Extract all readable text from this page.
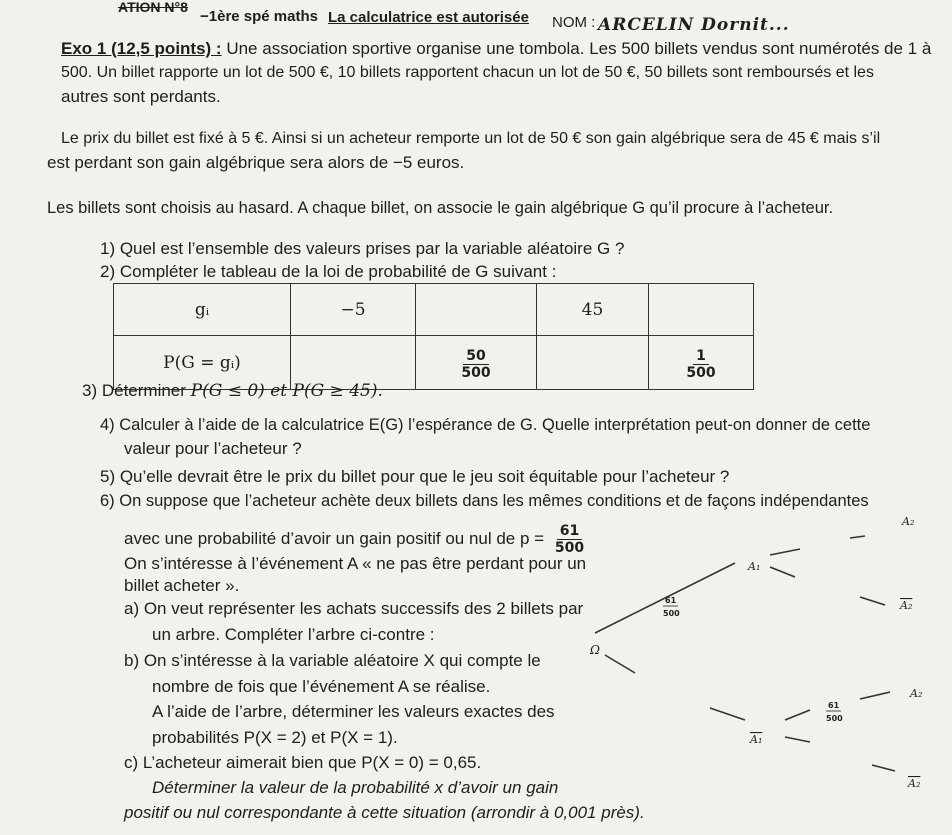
ATION N°8
−1ère spé maths La calculatrice est autorisée NOM : ARCELIN Dornit...
Exo 1 (12,5 points) : Une association sportive organise une tombola. Les 500 billets vendus sont numérotés de 1 à
500. Un billet rapporte un lot de 500 €, 10 billets rapportent chacun un lot de 50 €, 50 billets sont remboursés et les
autres sont perdants.
Le prix du billet est fixé à 5 €. Ainsi si un acheteur remporte un lot de 50 € son gain algébrique sera de 45 € mais s’il
est perdant son gain algébrique sera alors de −5 euros.
Les billets sont choisis au hasard. A chaque billet, on associe le gain algébrique G qu’il procure à l’acheteur.
1) Quel est l’ensemble des valeurs prises par la variable aléatoire G ?
2) Compléter le tableau de la loi de probabilité de G suivant :
gᵢ	−5		45	
P(G = gᵢ)		$\frac{50}{500}$		$\frac{1}{500}$
3) Déterminer P(G ≤ 0) et P(G ≥ 45).
4) Calculer à l’aide de la calculatrice E(G) l’espérance de G. Quelle interprétation peut-on donner de cette
valeur pour l’acheteur ?
5) Qu’elle devrait être le prix du billet pour que le jeu soit équitable pour l’acheteur ?
6) On suppose que l’acheteur achète deux billets dans les mêmes conditions et de façons indépendantes
avec une probabilité d’avoir un gain positif ou nul de $p = \frac{61}{500}$
On s’intéresse à l’événement A « ne pas être perdant pour un
billet acheter ».
a) On veut représenter les achats successifs des 2 billets par
un arbre. Compléter l’arbre ci-contre :
b) On s’intéresse à la variable aléatoire X qui compte le
nombre de fois que l’événement A se réalise.
A l’aide de l’arbre, déterminer les valeurs exactes des
probabilités P(X = 2) et P(X = 1).
c) L’acheteur aimerait bien que P(X = 0) = 0,65.
Déterminer la valeur de la probabilité x d’avoir un gain
positif ou nul correspondante à cette situation (arrondir à 0,001 près).
Ω
A₁
A₂
A₂
A₁
A₂
A₂
61
500
61
500
